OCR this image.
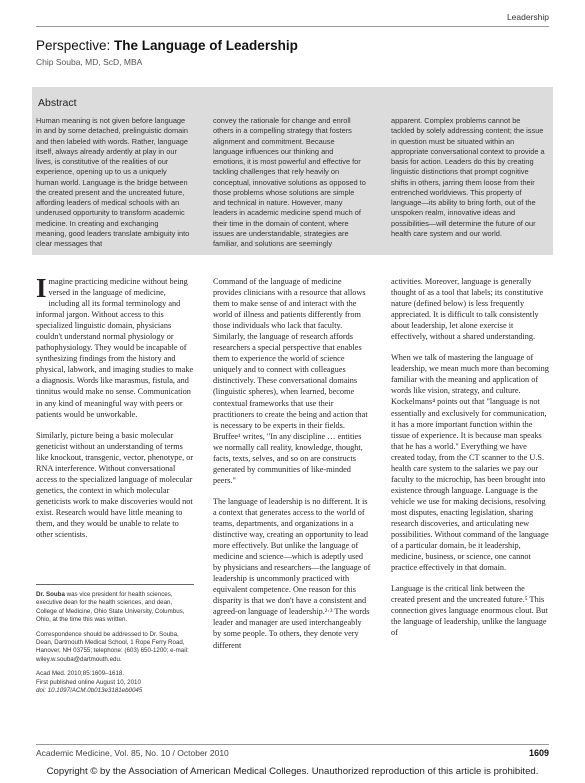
Leadership
Perspective: The Language of Leadership
Chip Souba, MD, ScD, MBA
Abstract

Human meaning is not given before language in and by some detached, prelinguistic domain and then labeled with words. Rather, language itself, always already ardently at play in our lives, is constitutive of the realities of our experience, opening up to us a uniquely human world. Language is the bridge between the created present and the uncreated future, affording leaders of medical schools with an underused opportunity to transform academic medicine. In creating and exchanging meaning, good leaders translate ambiguity into clear messages that

convey the rationale for change and enroll others in a compelling strategy that fosters alignment and commitment. Because language influences our thinking and emotions, it is most powerful and effective for tackling challenges that rely heavily on conceptual, innovative solutions as opposed to those problems whose solutions are simple and technical in nature. However, many leaders in academic medicine spend much of their time in the domain of content, where issues are understandable, strategies are familiar, and solutions are seemingly

apparent. Complex problems cannot be tackled by solely addressing content; the issue in question must be situated within an appropriate conversational context to provide a basis for action. Leaders do this by creating linguistic distinctions that prompt cognitive shifts in others, jarring them loose from their entrenched worldviews. This property of language—its ability to bring forth, out of the unspoken realm, innovative ideas and possibilities—will determine the future of our health care system and our world.

Imagine practicing medicine without being versed in the language of medicine, including all its formal terminology and informal jargon. Without access to this specialized linguistic domain, physicians couldn't understand normal physiology or pathophysiology. They would be incapable of synthesizing findings from the history and physical, labwork, and imaging studies to make a diagnosis. Words like marasmus, fistula, and tinnitus would make no sense. Communication in any kind of meaningful way with peers or patients would be unworkable.

Similarly, picture being a basic molecular geneticist without an understanding of terms like knockout, transgenic, vector, phenotype, or RNA interference. Without conversational access to the specialized language of molecular genetics, the context in which molecular geneticists work to make discoveries would not exist. Research would have little meaning to them, and they would be unable to relate to other scientists.

Command of the language of medicine provides clinicians with a resource that allows them to make sense of and interact with the world of illness and patients differently from those individuals who lack that faculty. Similarly, the language of research affords researchers a special perspective that enables them to experience the world of science uniquely and to connect with colleagues distinctively. These conversational domains (linguistic spheres), when learned, become contextual frameworks that use their practitioners to create the being and action that is necessary to be experts in their fields. Bruffee¹ writes, "In any discipline … entities we normally call reality, knowledge, thought, facts, texts, selves, and so on are constructs generated by communities of like-minded peers."

The language of leadership is no different. It is a context that generates access to the world of teams, departments, and organizations in a distinctive way, creating an opportunity to lead more effectively. But unlike the language of medicine and science—which is adeptly used by physicians and researchers—the language of leadership is uncommonly practiced with equivalent competence. One reason for this disparity is that we don't have a consistent and agreed-on language of leadership.²·³ The words leader and manager are used interchangeably by some people. To others, they denote very different

activities. Moreover, language is generally thought of as a tool that labels; its constitutive nature (defined below) is less frequently appreciated. It is difficult to talk consistently about leadership, let alone exercise it effectively, without a shared understanding.

When we talk of mastering the language of leadership, we mean much more than becoming familiar with the meaning and application of words like vision, strategy, and culture. Kockelmans⁴ points out that "language is not essentially and exclusively for communication, it has a more important function within the tissue of experience. It is because man speaks that he has a world." Everything we have created today, from the CT scanner to the U.S. health care system to the salaries we pay our faculty to the microchip, has been brought into existence through language. Language is the vehicle we use for making decisions, resolving most disputes, enacting legislation, sharing research discoveries, and articulating new possibilities. Without command of the language of a particular domain, be it leadership, medicine, business, or science, one cannot practice effectively in that domain.

Language is the critical link between the created present and the uncreated future.⁵ This connection gives language enormous clout. But the language of leadership, unlike the language of

Dr. Souba was vice president for health sciences, executive dean for the health sciences, and dean, College of Medicine, Ohio State University, Columbus, Ohio, at the time this was written.

Correspondence should be addressed to Dr. Souba, Dean, Dartmouth Medical School, 1 Rope Ferry Road, Hanover, NH 03755; telephone: (603) 650-1200; e-mail: wiley.w.souba@dartmouth.edu.

Acad Med. 2010;85:1609–1618.
First published online August 10, 2010
doi: 10.1097/ACM.0b013e3181eb0045

Academic Medicine, Vol. 85, No. 10 / October 2010	1609
Copyright © by the Association of American Medical Colleges. Unauthorized reproduction of this article is prohibited.
